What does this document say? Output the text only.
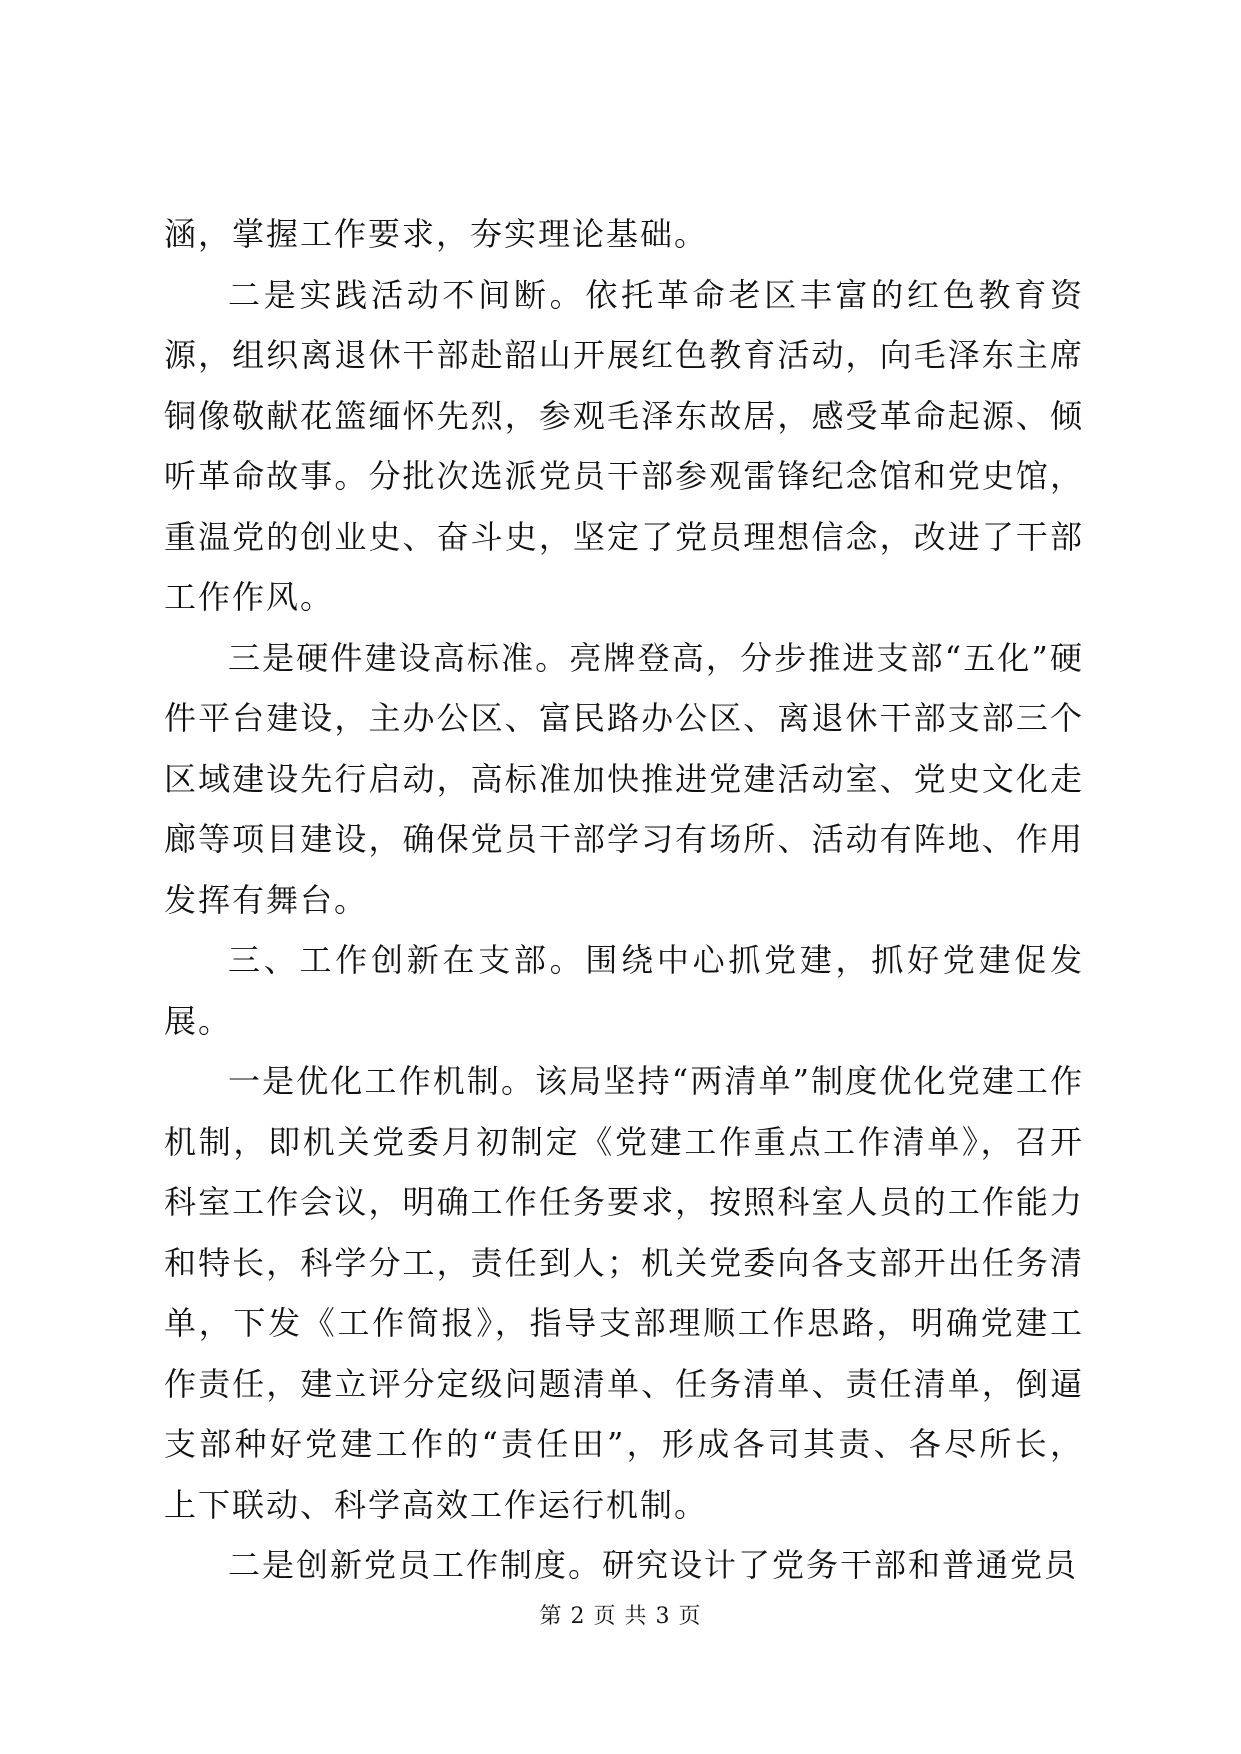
涵，掌握工作要求，夯实理论基础。

二是实践活动不间断。依托革命老区丰富的红色教育资源，组织离退休干部赴韶山开展红色教育活动，向毛泽东主席铜像敬献花篮缅怀先烈，参观毛泽东故居，感受革命起源、倾听革命故事。分批次选派党员干部参观雷锋纪念馆和党史馆，重温党的创业史、奋斗史，坚定了党员理想信念，改进了干部工作作风。

三是硬件建设高标准。亮牌登高，分步推进支部“五化”硬件平台建设，主办公区、富民路办公区、离退休干部支部三个区域建设先行启动，高标准加快推进党建活动室、党史文化走廊等项目建设，确保党员干部学习有场所、活动有阵地、作用发挥有舞台。

三、工作创新在支部。围绕中心抓党建，抓好党建促发展。

一是优化工作机制。该局坚持“两清单”制度优化党建工作机制，即机关党委月初制定《党建工作重点工作清单》，召开科室工作会议，明确工作任务要求，按照科室人员的工作能力和特长，科学分工，责任到人；机关党委向各支部开出任务清单，下发《工作简报》，指导支部理顺工作思路，明确党建工作责任，建立评分定级问题清单、任务清单、责任清单，倒逼支部种好党建工作的“责任田”，形成各司其责、各尽所长，上下联动、科学高效工作运行机制。

二是创新党员工作制度。研究设计了党务干部和普通党员

第 2 页 共 3 页
